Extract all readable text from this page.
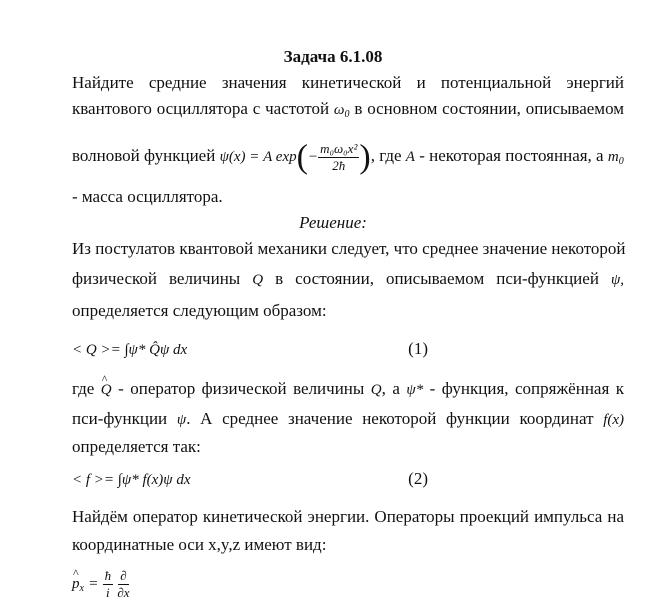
Задача 6.1.08
Найдите средние значения кинетической и потенциальной энергий
квантового осциллятора с частотой $\omega_0$ в основном состоянии, описываемом
волновой функцией ψ(x) = A $\exp(- \frac{\text{m₀ω₀x²}}{2ħ}$ ), где A - некоторая постоянная, а $m_0$
- масса осциллятора.
Решение:
Из постулатов квантовой механики следует, что среднее значение некоторой
физической величины Q в состоянии, описываемом пси-функцией ψ,
определяется следующим образом:
< Q >= ∫ψ* Q̂ψ dx	(1)
где ^ Q - оператор физической величины Q, а ψ* - функция, сопряжённая к
пси-функции ψ. А среднее значение некоторой функции координат f(x)
определяется так:
< f >= ∫ψ* f(x)ψ dx	(2)
Найдём оператор кинетической энергии. Операторы проекций импульса на
координатные оси x,y,z имеют вид:
^ $p_x = \frac{ħ}{i}$
$\frac{\partial}{\partial x}$
